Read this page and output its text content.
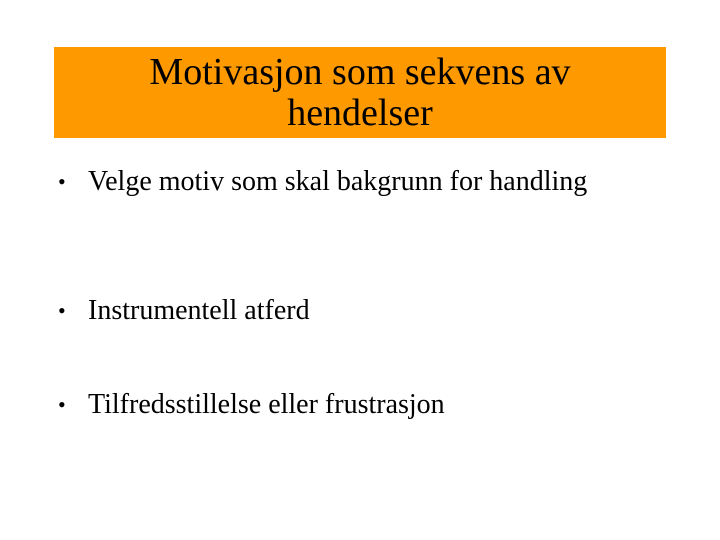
Motivasjon som sekvens av hendelser
• Velge motiv som skal bakgrunn for handling
• Instrumentell atferd
• Tilfredsstillelse eller frustrasjon
